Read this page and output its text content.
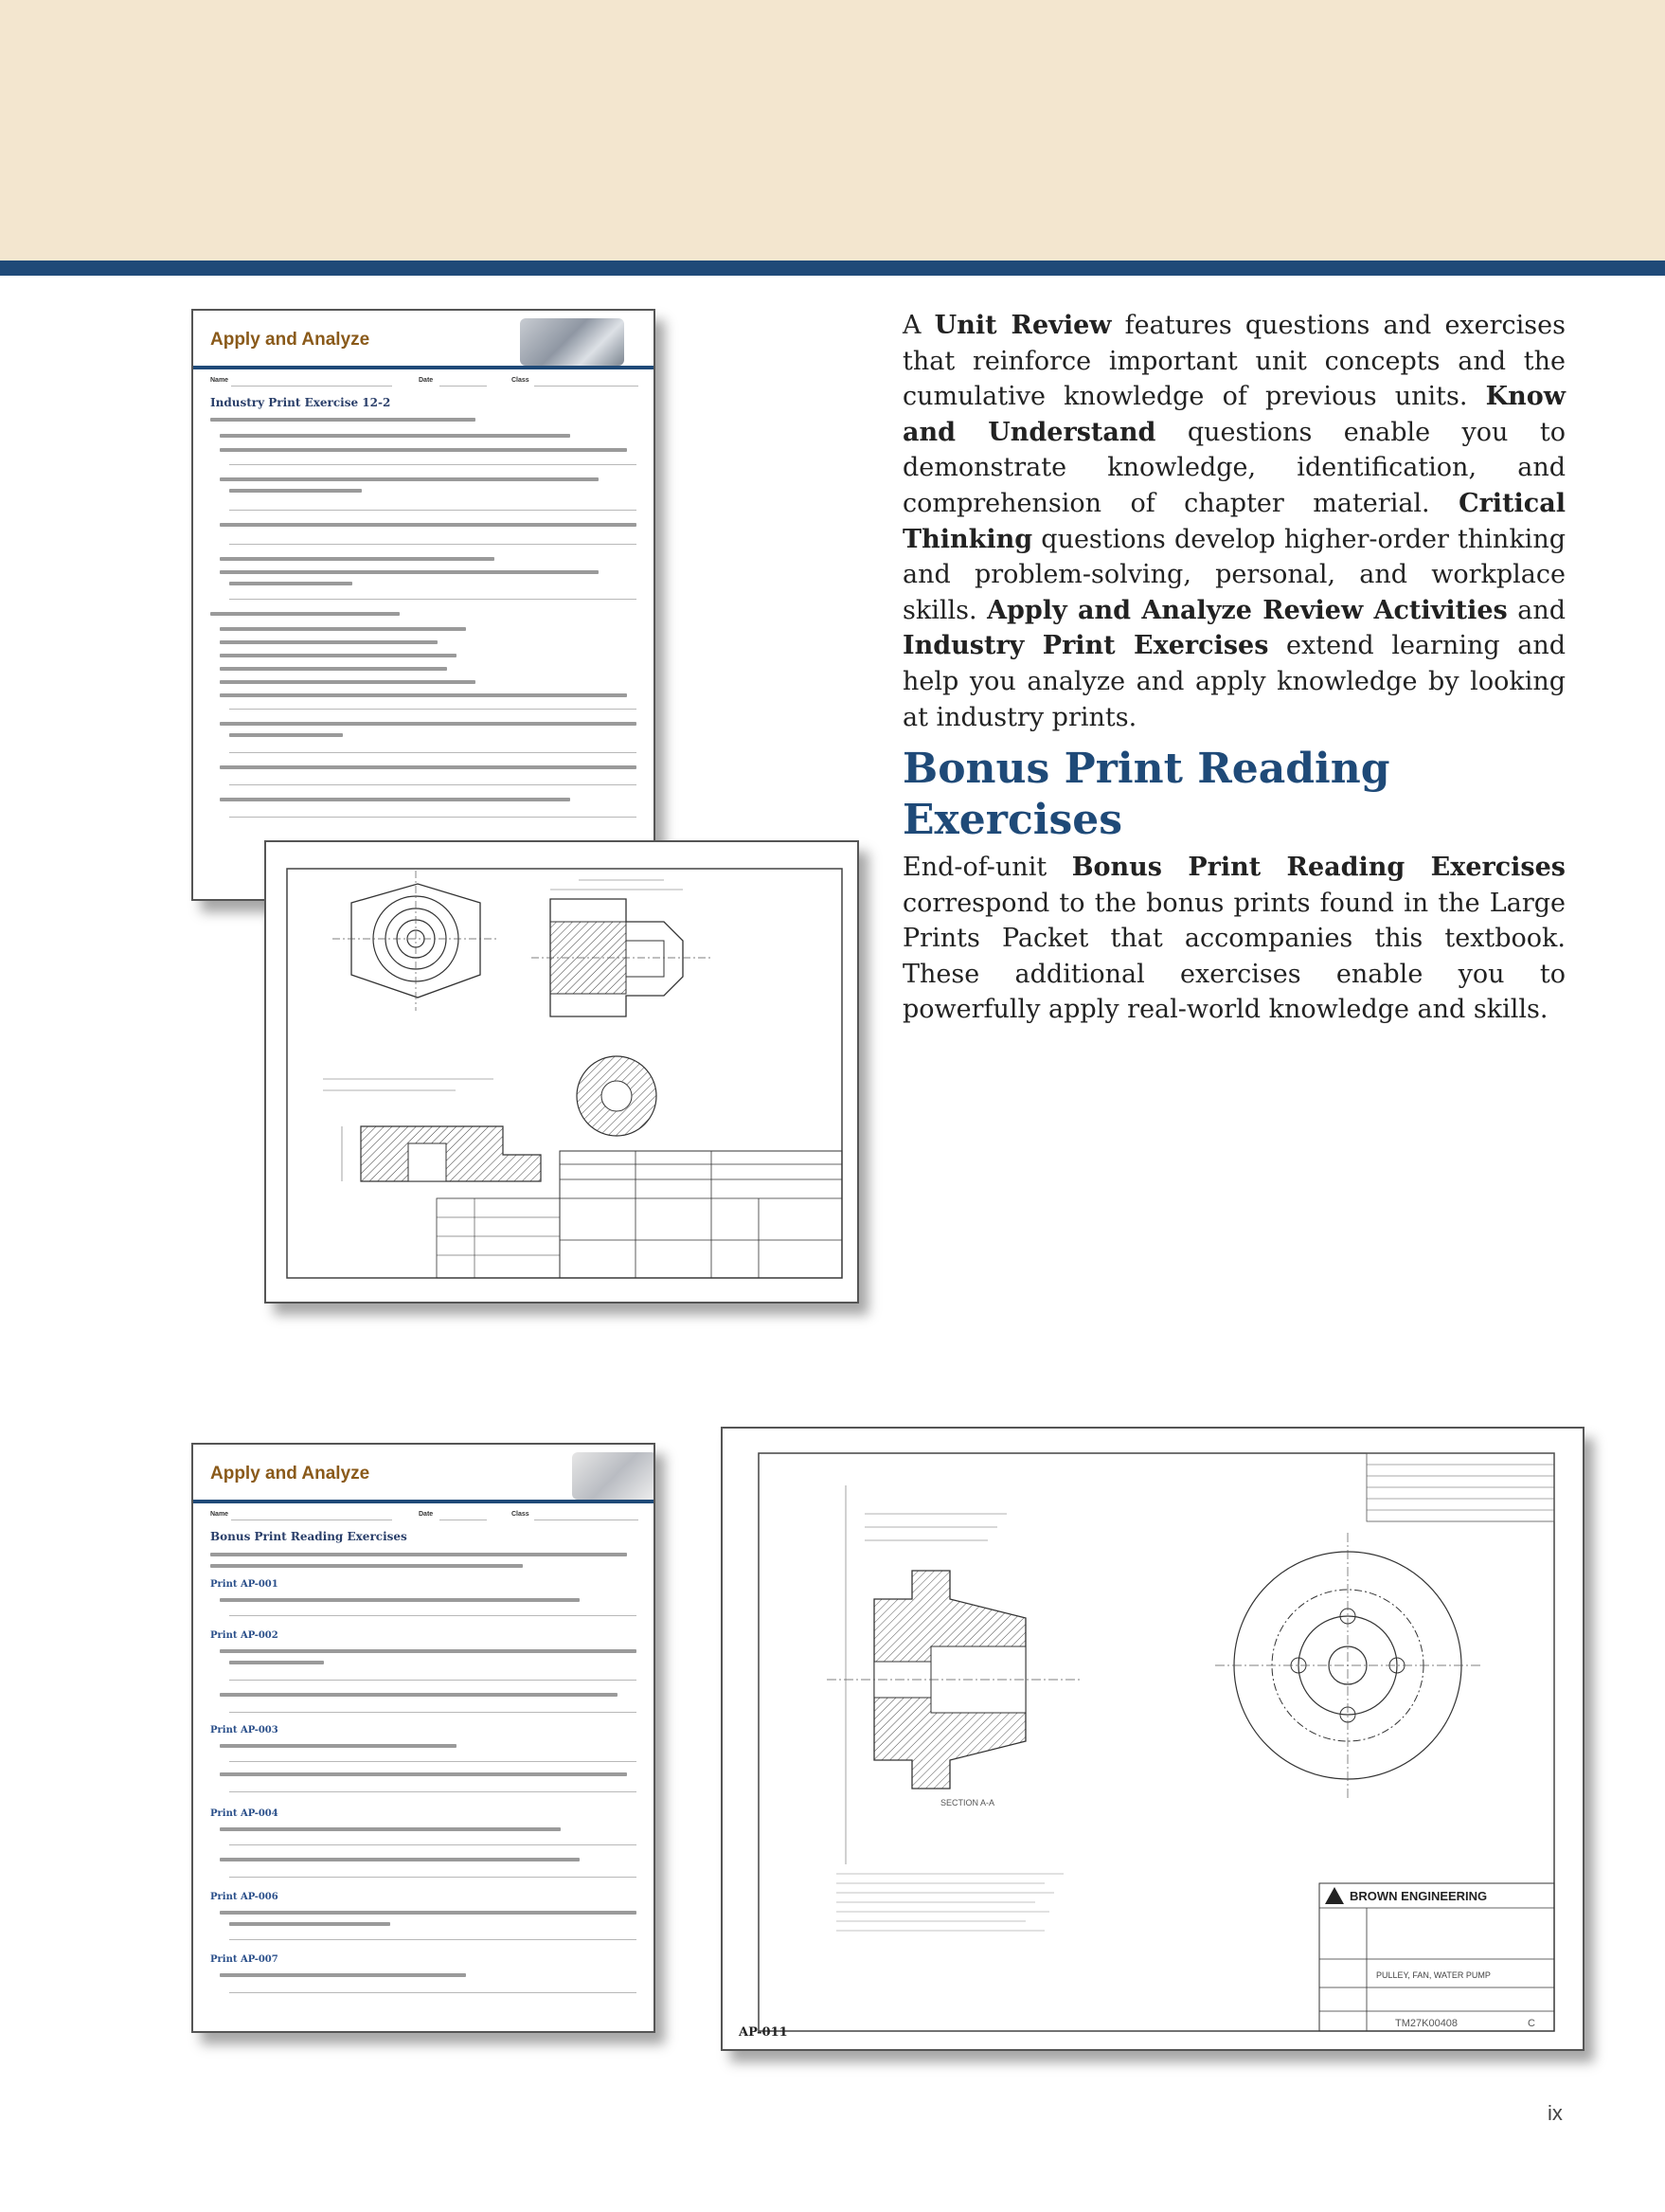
Apply and Analyze
Name	Date	Class
Industry Print Exercise 12-2
Apply and Analyze
Name	Date	Class
Bonus Print Reading Exercises
Print AP-001
Print AP-002
Print AP-003
Print AP-004
Print AP-006
Print AP-007
SECTION A-A
BROWN ENGINEERING
PULLEY, FAN, WATER PUMP
TM27K00408	C
AP-011
A Unit Review features questions and exercises that reinforce important unit concepts and the cumulative knowledge of previous units. Know and Understand questions enable you to demonstrate knowledge, identification, and comprehension of chapter material. Critical Thinking questions develop higher-order thinking and problem-solving, personal, and workplace skills. Apply and Analyze Review Activities and Industry Print Exercises extend learning and help you analyze and apply knowledge by looking at industry prints.
Bonus Print Reading Exercises
End-of-unit Bonus Print Reading Exercises correspond to the bonus prints found in the Large Prints Packet that accompanies this textbook. These additional exercises enable you to powerfully apply real-world knowledge and skills.
ix
